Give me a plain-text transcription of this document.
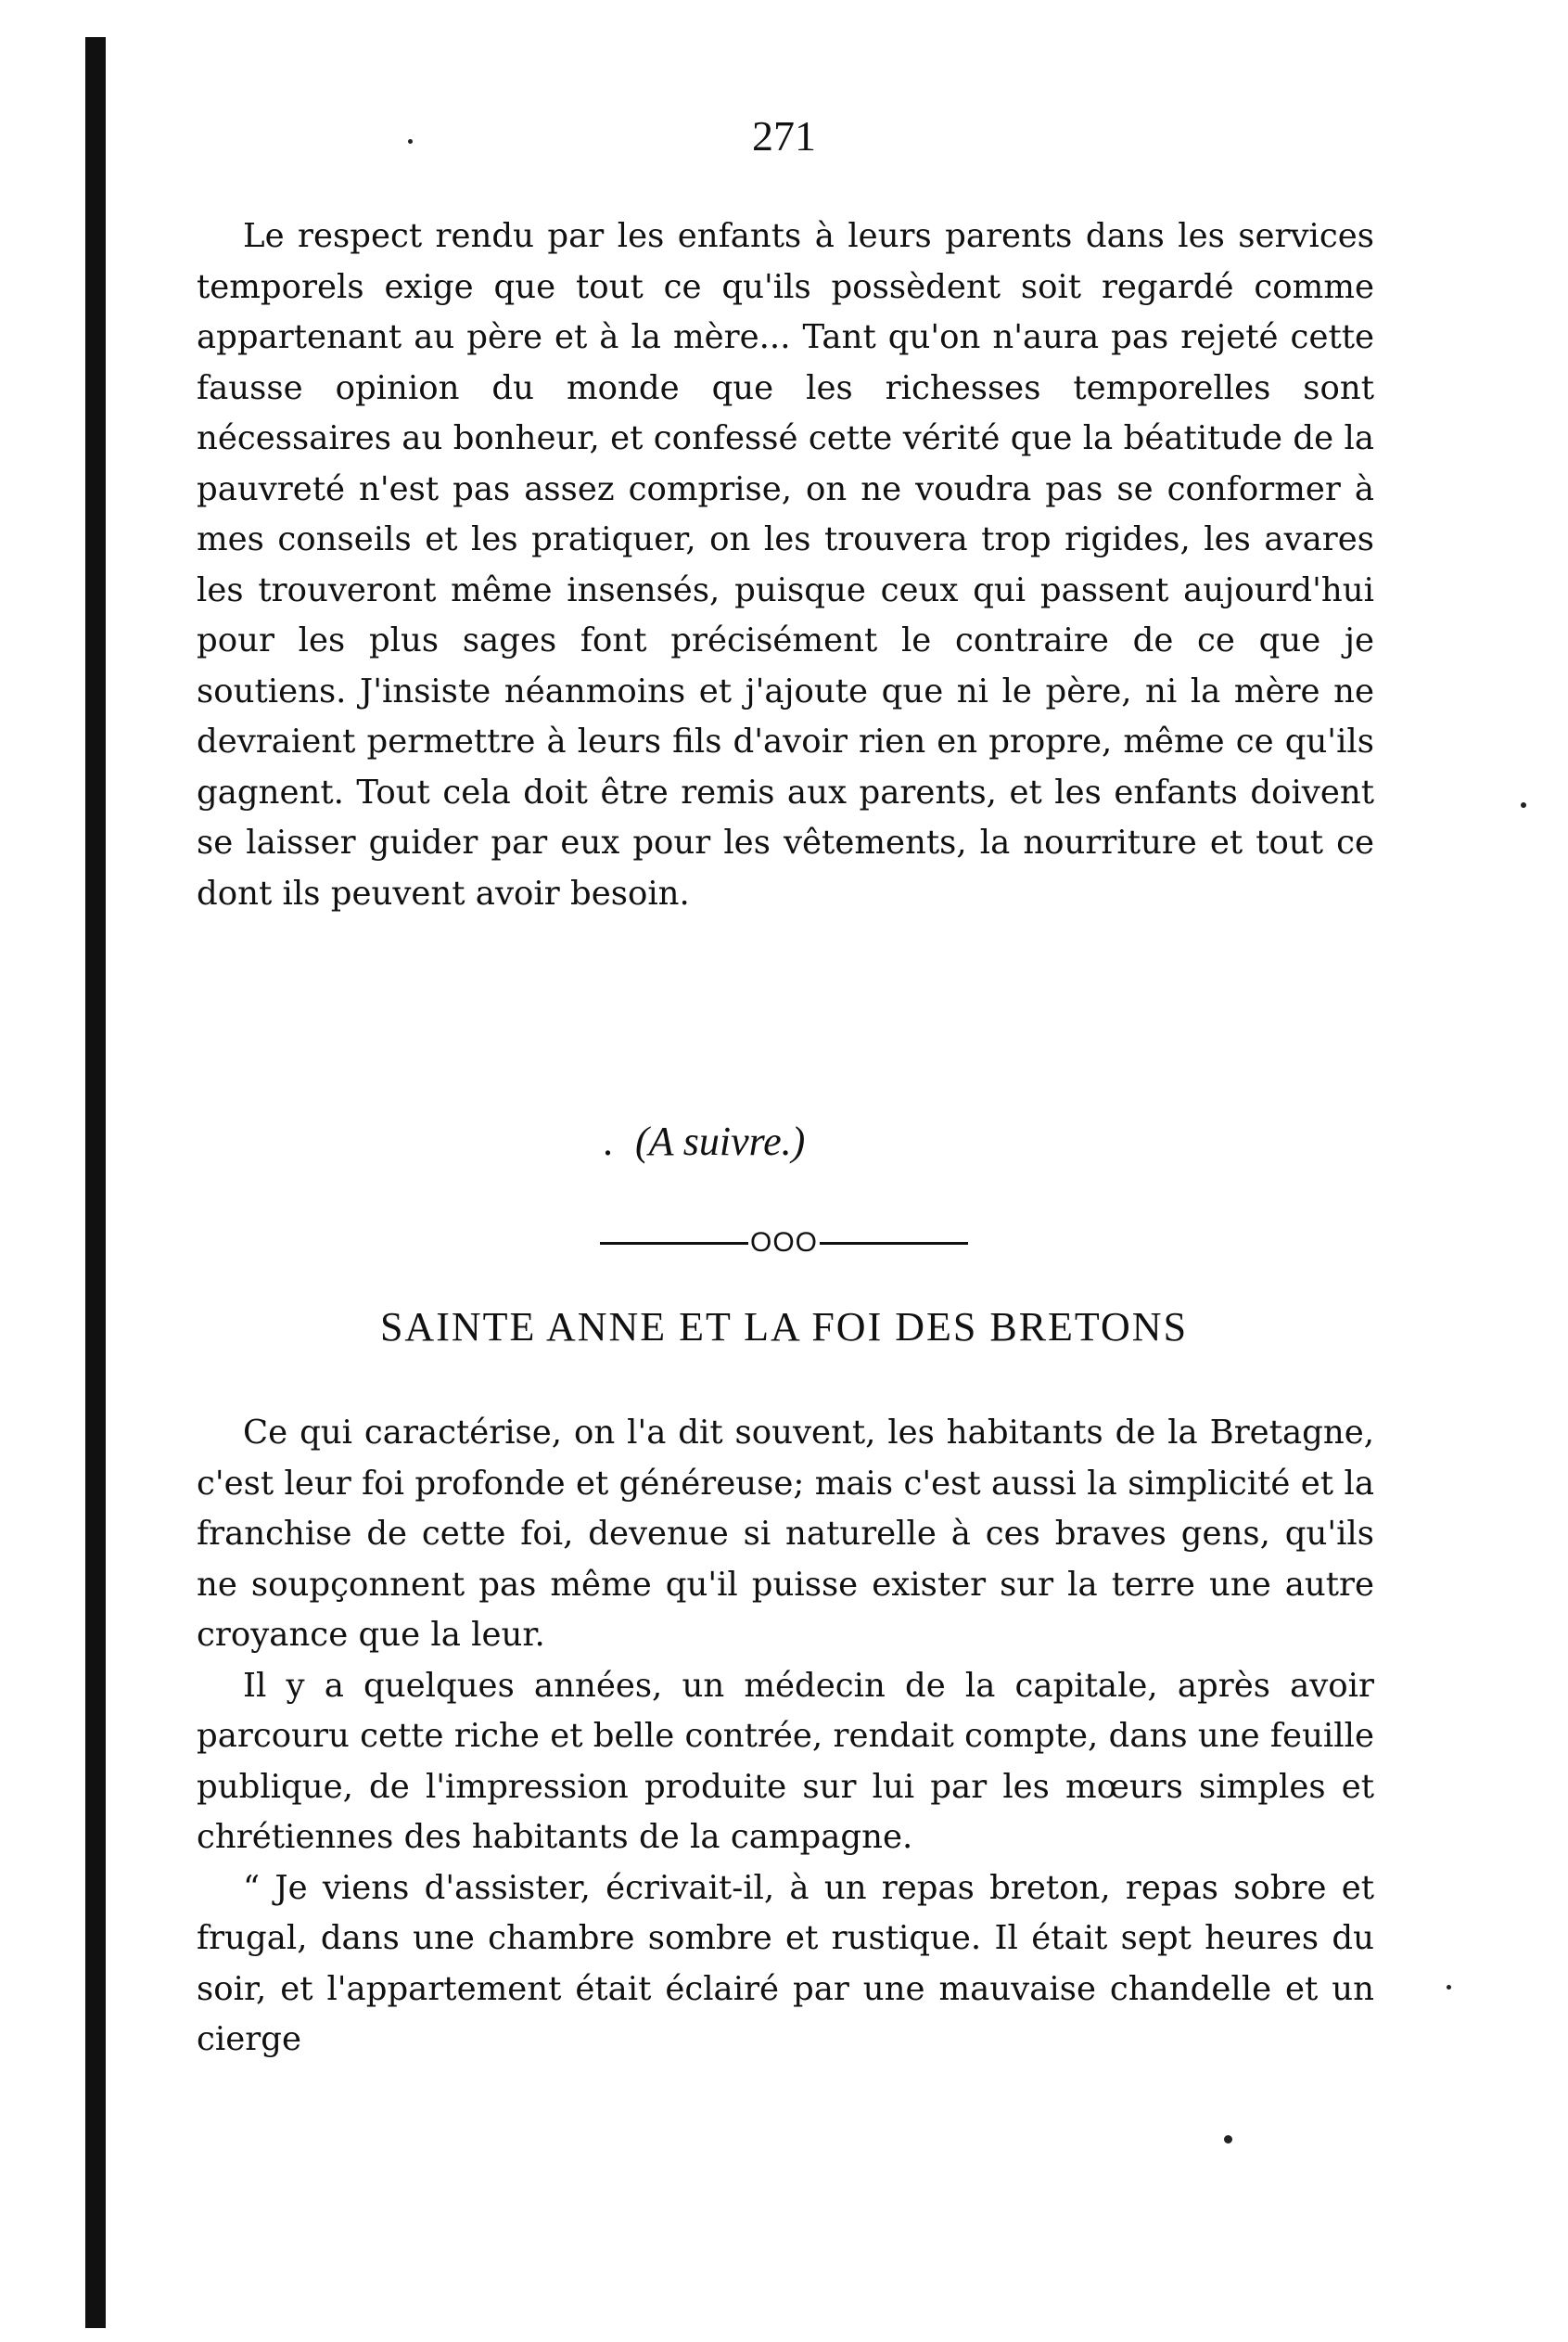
271

Le respect rendu par les enfants à leurs parents dans les services temporels exige que tout ce qu'ils possèdent soit regardé comme appartenant au père et à la mère... Tant qu'on n'aura pas rejeté cette fausse opinion du monde que les richesses temporelles sont nécessaires au bonheur, et confessé cette vérité que la béatitude de la pauvreté n'est pas assez comprise, on ne voudra pas se conformer à mes conseils et les pratiquer, on les trouvera trop rigides, les avares les trouveront même insensés, puisque ceux qui passent aujourd'hui pour les plus sages font précisément le contraire de ce que je soutiens. J'insiste néanmoins et j'ajoute que ni le père, ni la mère ne devraient permettre à leurs fils d'avoir rien en propre, même ce qu'ils gagnent. Tout cela doit être remis aux parents, et les enfants doivent se laisser guider par eux pour les vêtements, la nourriture et tout ce dont ils peuvent avoir besoin.

. (A suivre.)
OOO
SAINTE ANNE ET LA FOI DES BRETONS

Ce qui caractérise, on l'a dit souvent, les habitants de la Bretagne, c'est leur foi profonde et généreuse; mais c'est aussi la simplicité et la franchise de cette foi, devenue si naturelle à ces braves gens, qu'ils ne soupçonnent pas même qu'il puisse exister sur la terre une autre croyance que la leur.

Il y a quelques années, un médecin de la capitale, après avoir parcouru cette riche et belle contrée, rendait compte, dans une feuille publique, de l'impression produite sur lui par les mœurs simples et chrétiennes des habitants de la campagne.

“ Je viens d'assister, écrivait-il, à un repas breton, repas sobre et frugal, dans une chambre sombre et rustique. Il était sept heures du soir, et l'appartement était éclairé par une mauvaise chandelle et un cierge
